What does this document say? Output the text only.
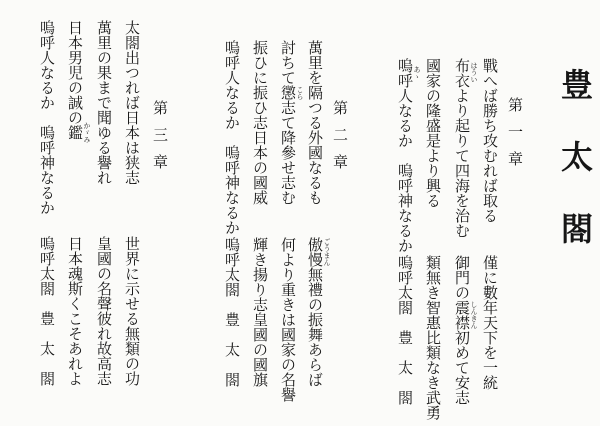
豊太閤
第一章
戰へば勝ち攻むれば取る
僅に數年天下を一統
布衣より起りて四海を治む
御門の震襟初めて安志
國家の隆盛是より興る
類無き智惠比類なき武勇
嗚呼人なるか　嗚呼神なるか
嗚呼太閤　豊　太　閤
はうい
しんきん
あゝ
第二章
萬里を隔つる外國なるも
傲慢無禮の振舞あらば
討ちて懲志て降參せ志む
何より重きは國家の名譽
振ひに振ひ志日本の國威
輝き揚り志皇國の國旗
嗚呼人なるか　嗚呼神なるか
嗚呼太閤　豊　太　閤
こら
ごうまん
第三章
太閤出つれば日本は狭志
世界に示せる無類の功
萬里の果まで聞ゆる譽れ
皇國の名聲彼れ故高志
日本男児の誠の鑑
日本魂斯くこそあれよ
嗚呼人なるか　嗚呼神なるか
嗚呼太閤　豊　太　閤
かゞみ
